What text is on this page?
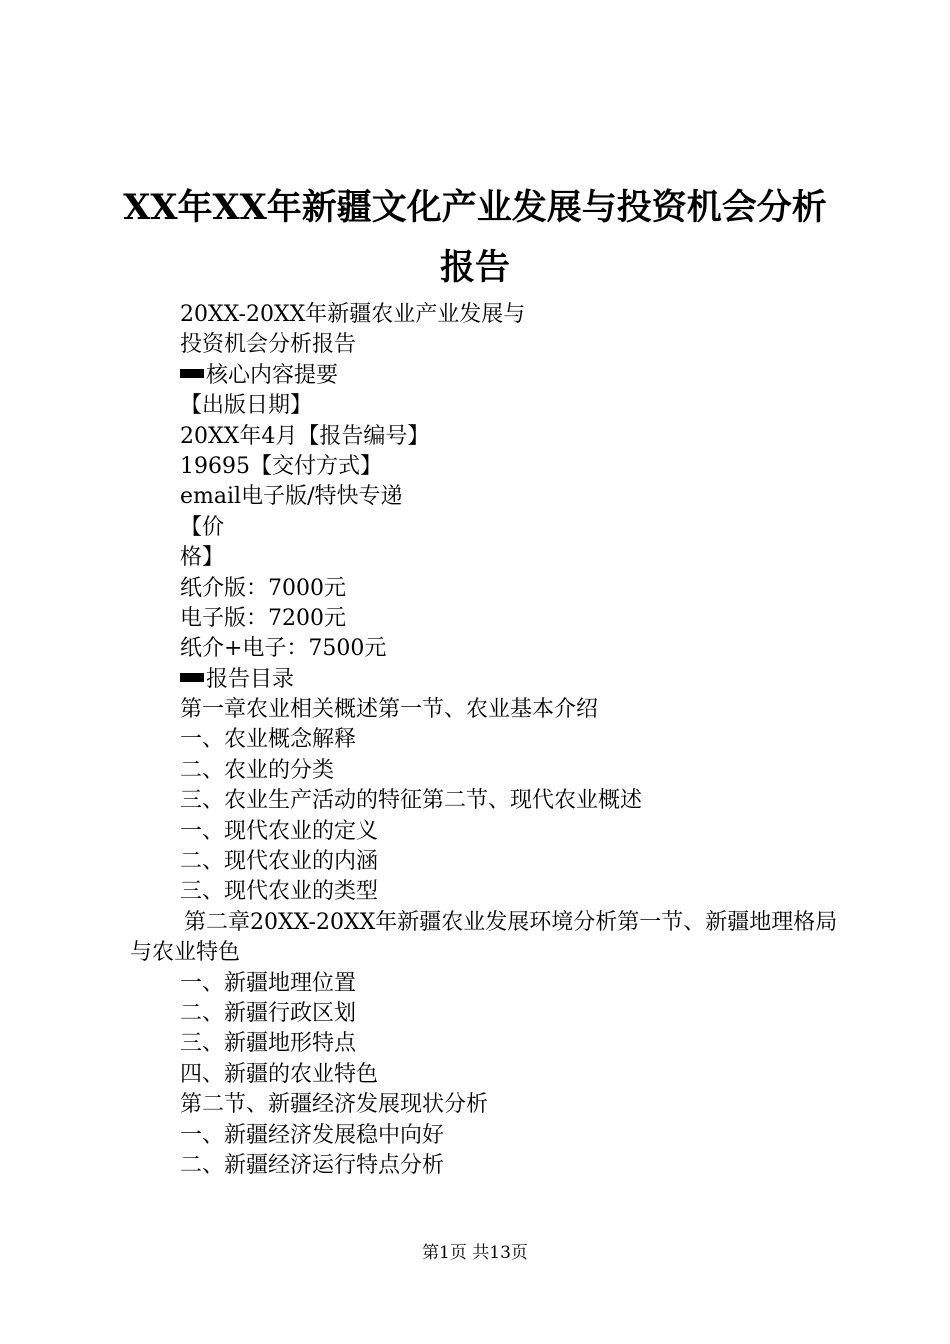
XX年XX年新疆文化产业发展与投资机会分析
报告
20XX-20XX年新疆农业产业发展与
投资机会分析报告
核心内容提要
【出版日期】
20XX年4月【报告编号】
19695【交付方式】
email电子版/特快专递
【价
格】
纸介版：7000元
电子版：7200元
纸介+电子：7500元
报告目录
第一章农业相关概述第一节、农业基本介绍
一、农业概念解释
二、农业的分类
三、农业生产活动的特征第二节、现代农业概述
一、现代农业的定义
二、现代农业的内涵
三、现代农业的类型
第二章20XX-20XX年新疆农业发展环境分析第一节、新疆地理格局与农业特色
一、新疆地理位置
二、新疆行政区划
三、新疆地形特点
四、新疆的农业特色
第二节、新疆经济发展现状分析
一、新疆经济发展稳中向好
二、新疆经济运行特点分析
第1页 共13页
